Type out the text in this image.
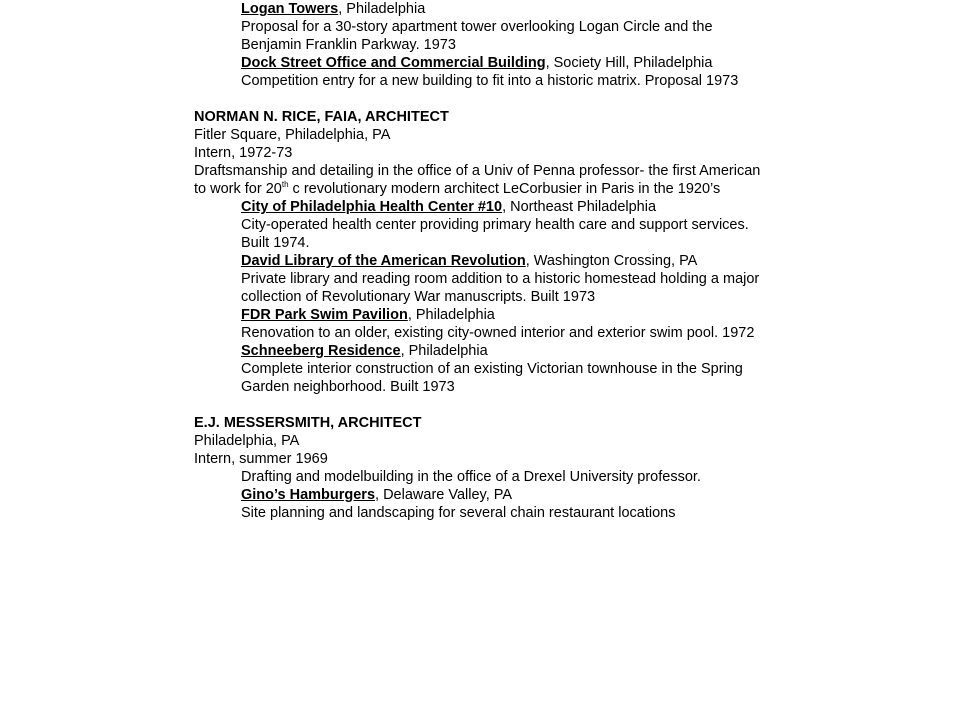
Logan Towers, Philadelphia
Proposal for a 30-story apartment tower overlooking Logan Circle and the
Benjamin Franklin Parkway. 1973
Dock Street Office and Commercial Building, Society Hill, Philadelphia
Competition entry for a new building to fit into a historic matrix. Proposal 1973
NORMAN N. RICE, FAIA, ARCHITECT
Fitler Square, Philadelphia, PA
Intern, 1972-73
Draftsmanship and detailing in the office of a Univ of Penna professor- the first American
to work for 20th c revolutionary modern architect LeCorbusier in Paris in the 1920’s
City of Philadelphia Health Center #10, Northeast Philadelphia
City-operated health center providing primary health care and support services.
Built 1974.
David Library of the American Revolution, Washington Crossing, PA
Private library and reading room addition to a historic homestead holding a major
collection of Revolutionary War manuscripts. Built 1973
FDR Park Swim Pavilion, Philadelphia
Renovation to an older, existing city-owned interior and exterior swim pool. 1972
Schneeberg Residence, Philadelphia
Complete interior construction of an existing Victorian townhouse in the Spring
Garden neighborhood. Built 1973
E.J. MESSERSMITH, ARCHITECT
Philadelphia, PA
Intern, summer 1969
Drafting and modelbuilding in the office of a Drexel University professor.
Gino’s Hamburgers, Delaware Valley, PA
Site planning and landscaping for several chain restaurant locations
